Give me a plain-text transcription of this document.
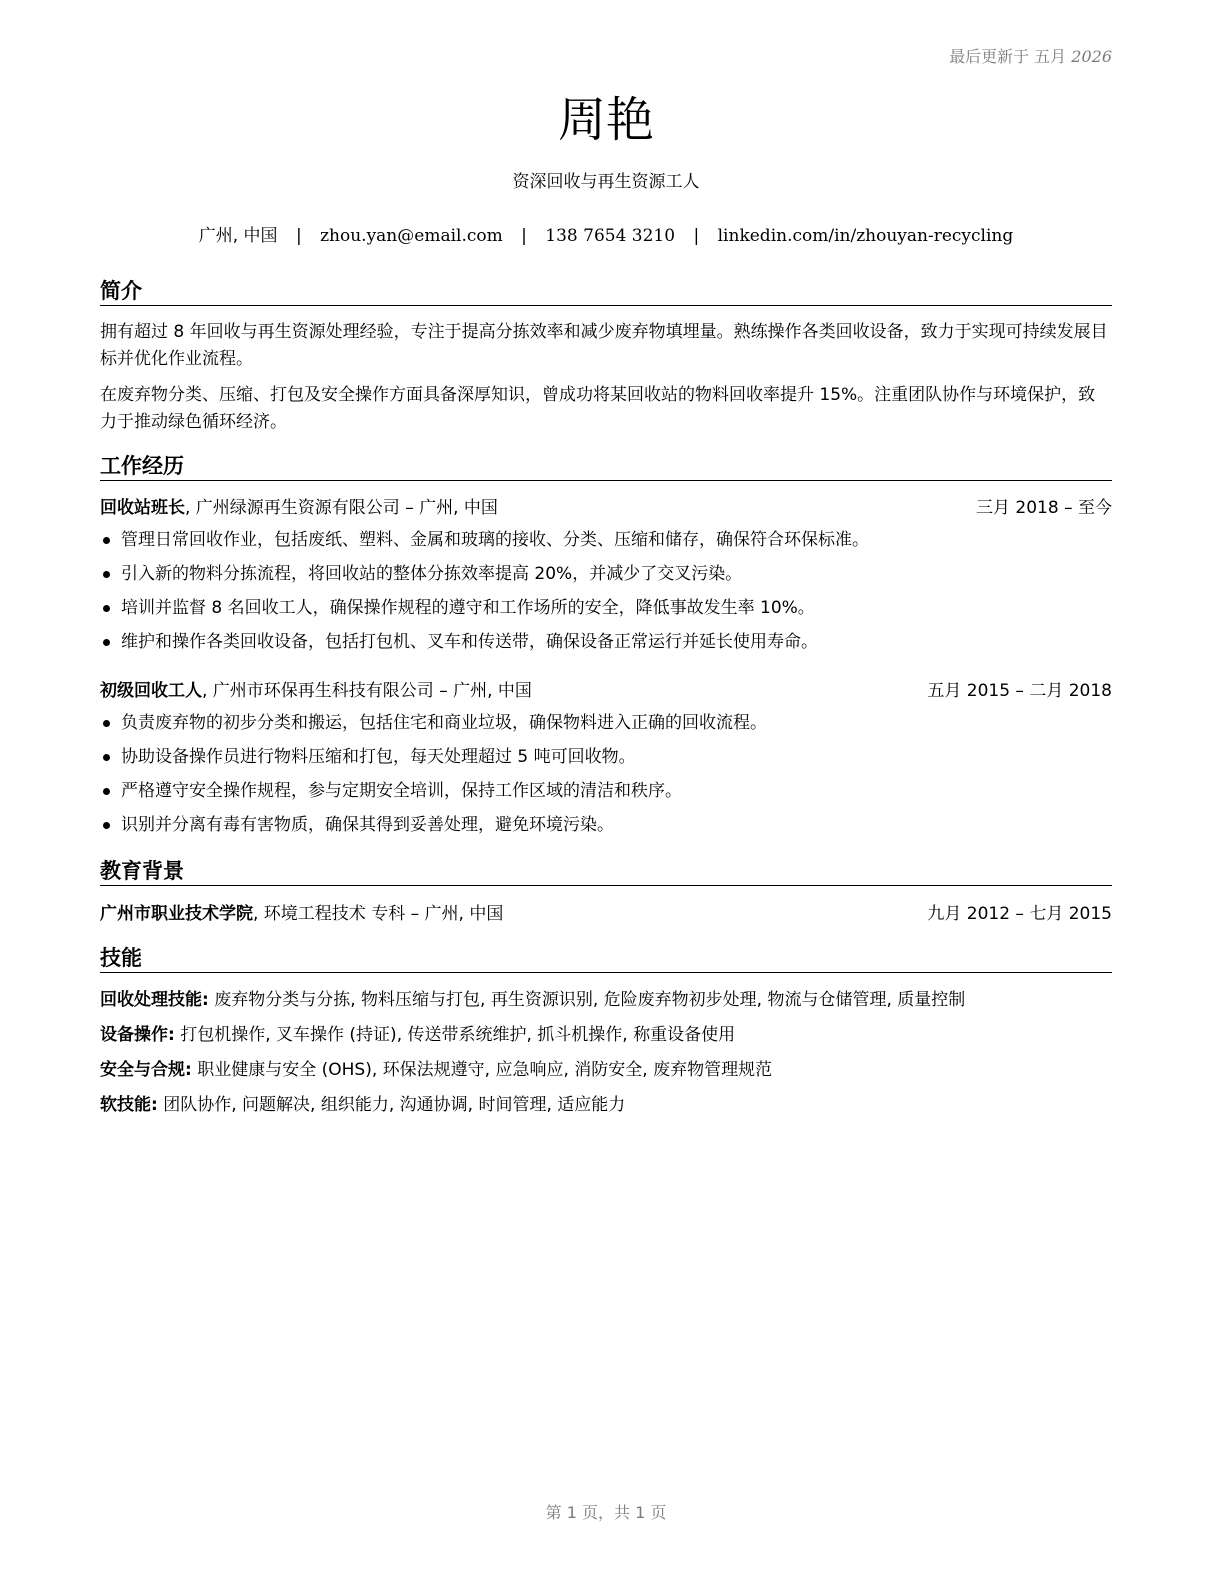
最后更新于 五月 2026
周艳
资深回收与再生资源工人
广州, 中国 | zhou.yan@email.com | 138 7654 3210 | linkedin.com/in/zhouyan-recycling
简介

拥有超过 8 年回收与再生资源处理经验，专注于提高分拣效率和减少废弃物填埋量。熟练操作各类回收设备，致力于实现可持续发展目标并优化作业流程。

在废弃物分类、压缩、打包及安全操作方面具备深厚知识，曾成功将某回收站的物料回收率提升 15%。注重团队协作与环境保护，致力于推动绿色循环经济。

工作经历
回收站班长, 广州绿源再生资源有限公司 – 广州, 中国	三月 2018 – 至今
管理日常回收作业，包括废纸、塑料、金属和玻璃的接收、分类、压缩和储存，确保符合环保标准。
引入新的物料分拣流程，将回收站的整体分拣效率提高 20%，并减少了交叉污染。
培训并监督 8 名回收工人，确保操作规程的遵守和工作场所的安全，降低事故发生率 10%。
维护和操作各类回收设备，包括打包机、叉车和传送带，确保设备正常运行并延长使用寿命。
初级回收工人, 广州市环保再生科技有限公司 – 广州, 中国	五月 2015 – 二月 2018
负责废弃物的初步分类和搬运，包括住宅和商业垃圾，确保物料进入正确的回收流程。
协助设备操作员进行物料压缩和打包，每天处理超过 5 吨可回收物。
严格遵守安全操作规程，参与定期安全培训，保持工作区域的清洁和秩序。
识别并分离有毒有害物质，确保其得到妥善处理，避免环境污染。
教育背景
广州市职业技术学院, 环境工程技术 专科 – 广州, 中国	九月 2012 – 七月 2015
技能
回收处理技能: 废弃物分类与分拣, 物料压缩与打包, 再生资源识别, 危险废弃物初步处理, 物流与仓储管理, 质量控制
设备操作: 打包机操作, 叉车操作 (持证), 传送带系统维护, 抓斗机操作, 称重设备使用
安全与合规: 职业健康与安全 (OHS), 环保法规遵守, 应急响应, 消防安全, 废弃物管理规范
软技能: 团队协作, 问题解决, 组织能力, 沟通协调, 时间管理, 适应能力
第 1 页，共 1 页
